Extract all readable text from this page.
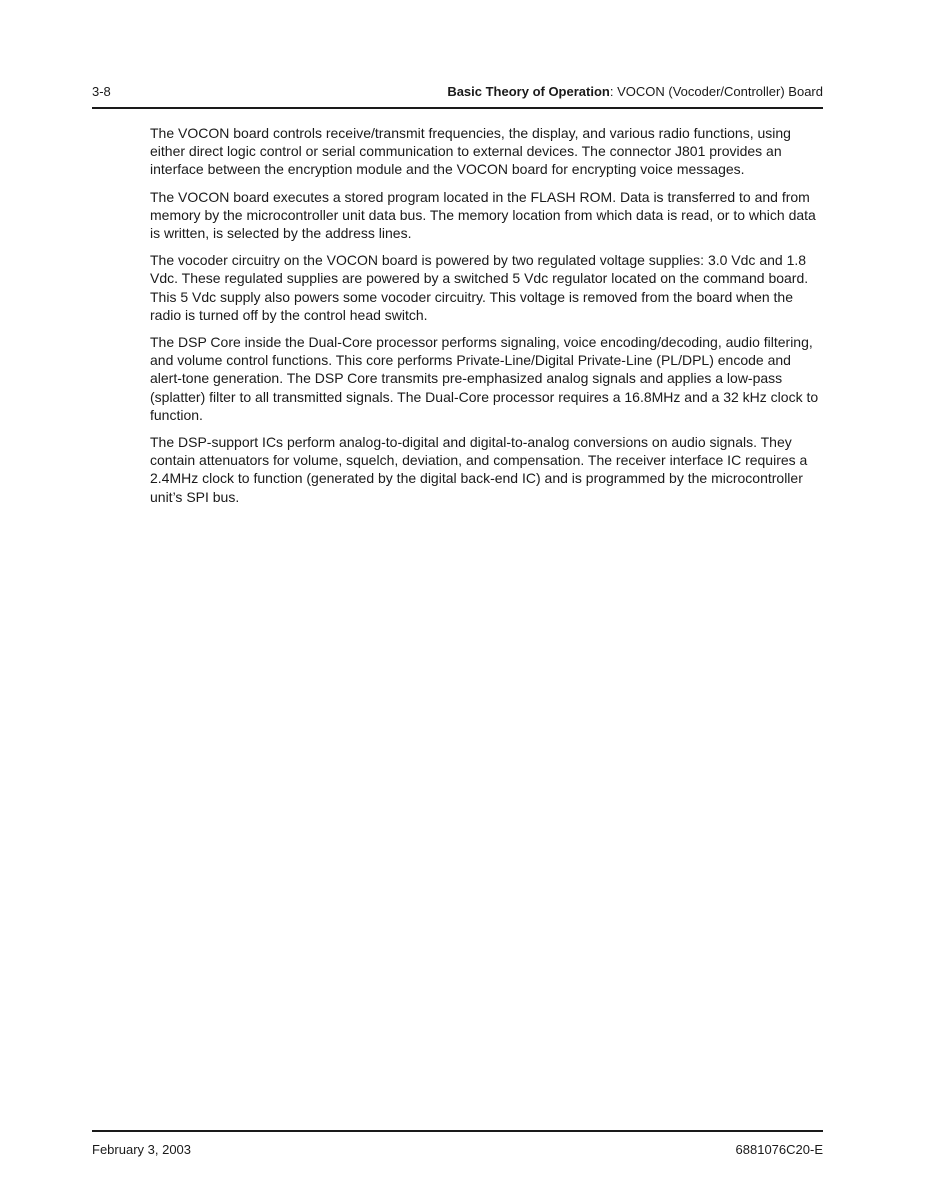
3-8	Basic Theory of Operation: VOCON (Vocoder/Controller) Board

The VOCON board controls receive/transmit frequencies, the display, and various radio functions, using either direct logic control or serial communication to external devices. The connector J801 provides an interface between the encryption module and the VOCON board for encrypting voice messages.

The VOCON board executes a stored program located in the FLASH ROM. Data is transferred to and from memory by the microcontroller unit data bus. The memory location from which data is read, or to which data is written, is selected by the address lines.

The vocoder circuitry on the VOCON board is powered by two regulated voltage supplies: 3.0 Vdc and 1.8 Vdc. These regulated supplies are powered by a switched 5 Vdc regulator located on the command board. This 5 Vdc supply also powers some vocoder circuitry. This voltage is removed from the board when the radio is turned off by the control head switch.

The DSP Core inside the Dual-Core processor performs signaling, voice encoding/decoding, audio filtering, and volume control functions. This core performs Private-Line/Digital Private-Line (PL/DPL) encode and alert-tone generation. The DSP Core transmits pre-emphasized analog signals and applies a low-pass (splatter) filter to all transmitted signals. The Dual-Core processor requires a 16.8MHz and a 32 kHz clock to function.

The DSP-support ICs perform analog-to-digital and digital-to-analog conversions on audio signals. They contain attenuators for volume, squelch, deviation, and compensation. The receiver interface IC requires a 2.4MHz clock to function (generated by the digital back-end IC) and is programmed by the microcontroller unit’s SPI bus.

February 3, 2003	6881076C20-E
